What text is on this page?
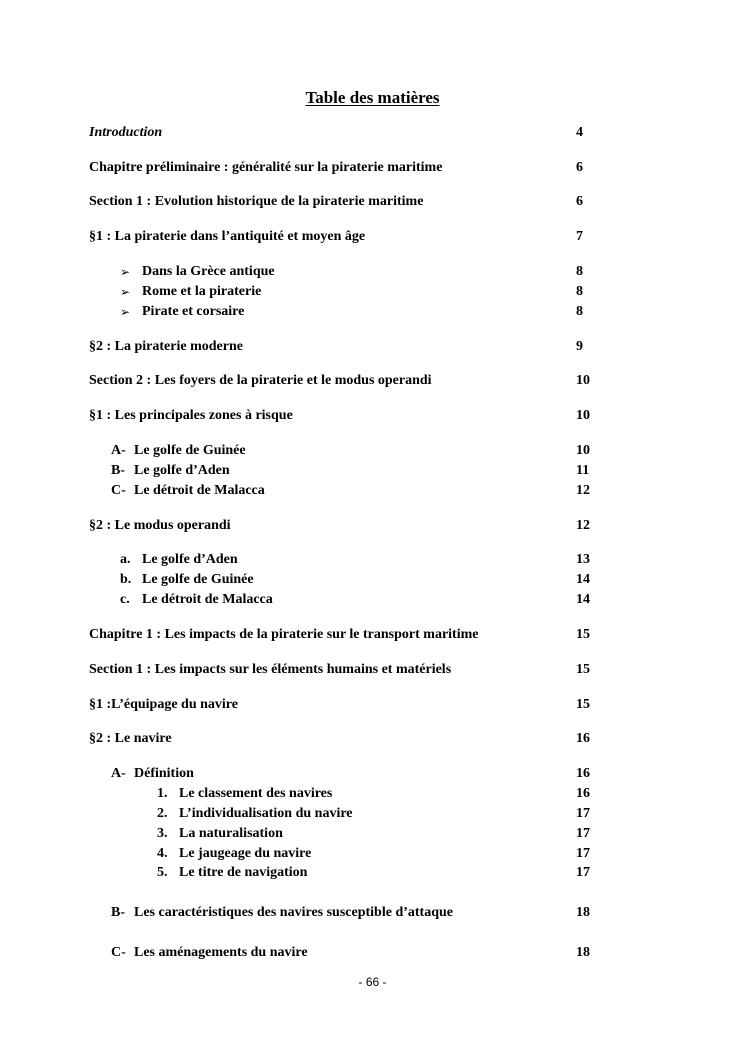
Table des matières
Introduction	4
Chapitre préliminaire : généralité sur la piraterie maritime	6
Section 1 : Evolution historique de la piraterie maritime	6
§1 : La piraterie dans l’antiquité et moyen âge	7
➢ Dans la Grèce antique	8
➢ Rome et la piraterie	8
➢ Pirate et corsaire	8
§2 : La piraterie moderne	9
Section 2 : Les foyers de la piraterie et le modus operandi	10
§1 : Les principales zones à risque	10
A- Le golfe de Guinée	10
B- Le golfe d’Aden	11
C- Le détroit de Malacca	12
§2 : Le modus operandi	12
a. Le golfe d’Aden	13
b. Le golfe de Guinée	14
c. Le détroit de Malacca	14
Chapitre 1 : Les impacts de la piraterie sur le transport maritime	15
Section 1 : Les impacts sur les éléments humains et matériels	15
§1 :L’équipage du navire	15
§2 : Le navire	16
A- Définition	16
1. Le classement des navires	16
2. L’individualisation du navire	17
3. La naturalisation	17
4. Le jaugeage du navire	17
5. Le titre de navigation	17
B- Les caractéristiques des navires susceptible d’attaque	18
C- Les aménagements du navire	18
- 66 -
